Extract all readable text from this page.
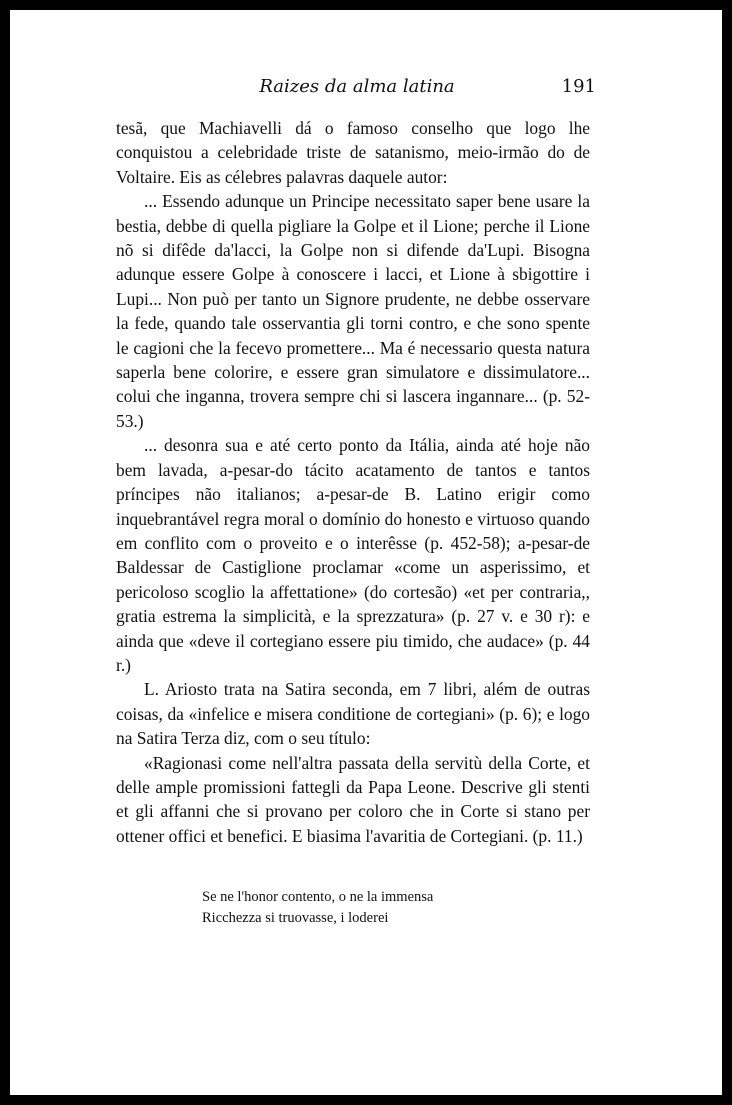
Raizes da alma latina	191

tesã, que Machiavelli dá o famoso conselho que logo lhe conquistou a celebridade triste de satanismo, meio-irmão do de Voltaire. Eis as célebres palavras daquele autor:

... Essendo adunque un Principe necessitato saper bene usare la bestia, debbe di quella pigliare la Golpe et il Lione; perche il Lione nõ si difêde da'lacci, la Golpe non si difende da'Lupi. Bisogna adunque essere Golpe à conoscere i lacci, et Lione à sbigottire i Lupi... Non può per tanto un Signore prudente, ne debbe osservare la fede, quando tale osservantia gli torni contro, e che sono spente le cagioni che la fecevo promettere... Ma é necessario questa natura saperla bene colorire, e essere gran simulatore e dissimulatore... colui che inganna, trovera sempre chi si lascera ingannare... (p. 52-53.)

... desonra sua e até certo ponto da Itália, ainda até hoje não bem lavada, a-pesar-do tácito acatamento de tantos e tantos príncipes não italianos; a-pesar-de B. Latino erigir como inquebrantável regra moral o domínio do honesto e virtuoso quando em conflito com o proveito e o interêsse (p. 452-58); a-pesar-de Baldessar de Castiglione proclamar «come un asperissimo, et pericoloso scoglio la affettatione» (do cortesão) «et per contraria,, gratia estrema la simplicità, e la sprezzatura» (p. 27 v. e 30 r): e ainda que «deve il cortegiano essere piu timido, che audace» (p. 44 r.)

L. Ariosto trata na Satira seconda, em 7 libri, além de outras coisas, da «infelice e misera conditione de cortegiani» (p. 6); e logo na Satira Terza diz, com o seu título:

«Ragionasi come nell'altra passata della servitù della Corte, et delle ample promissioni fattegli da Papa Leone. Descrive gli stenti et gli affanni che si provano per coloro che in Corte si stano per ottener offici et benefici. E biasima l'avaritia de Cortegiani. (p. 11.)

Se ne l'honor contento, o ne la immensa
Ricchezza si truovasse, i loderei
